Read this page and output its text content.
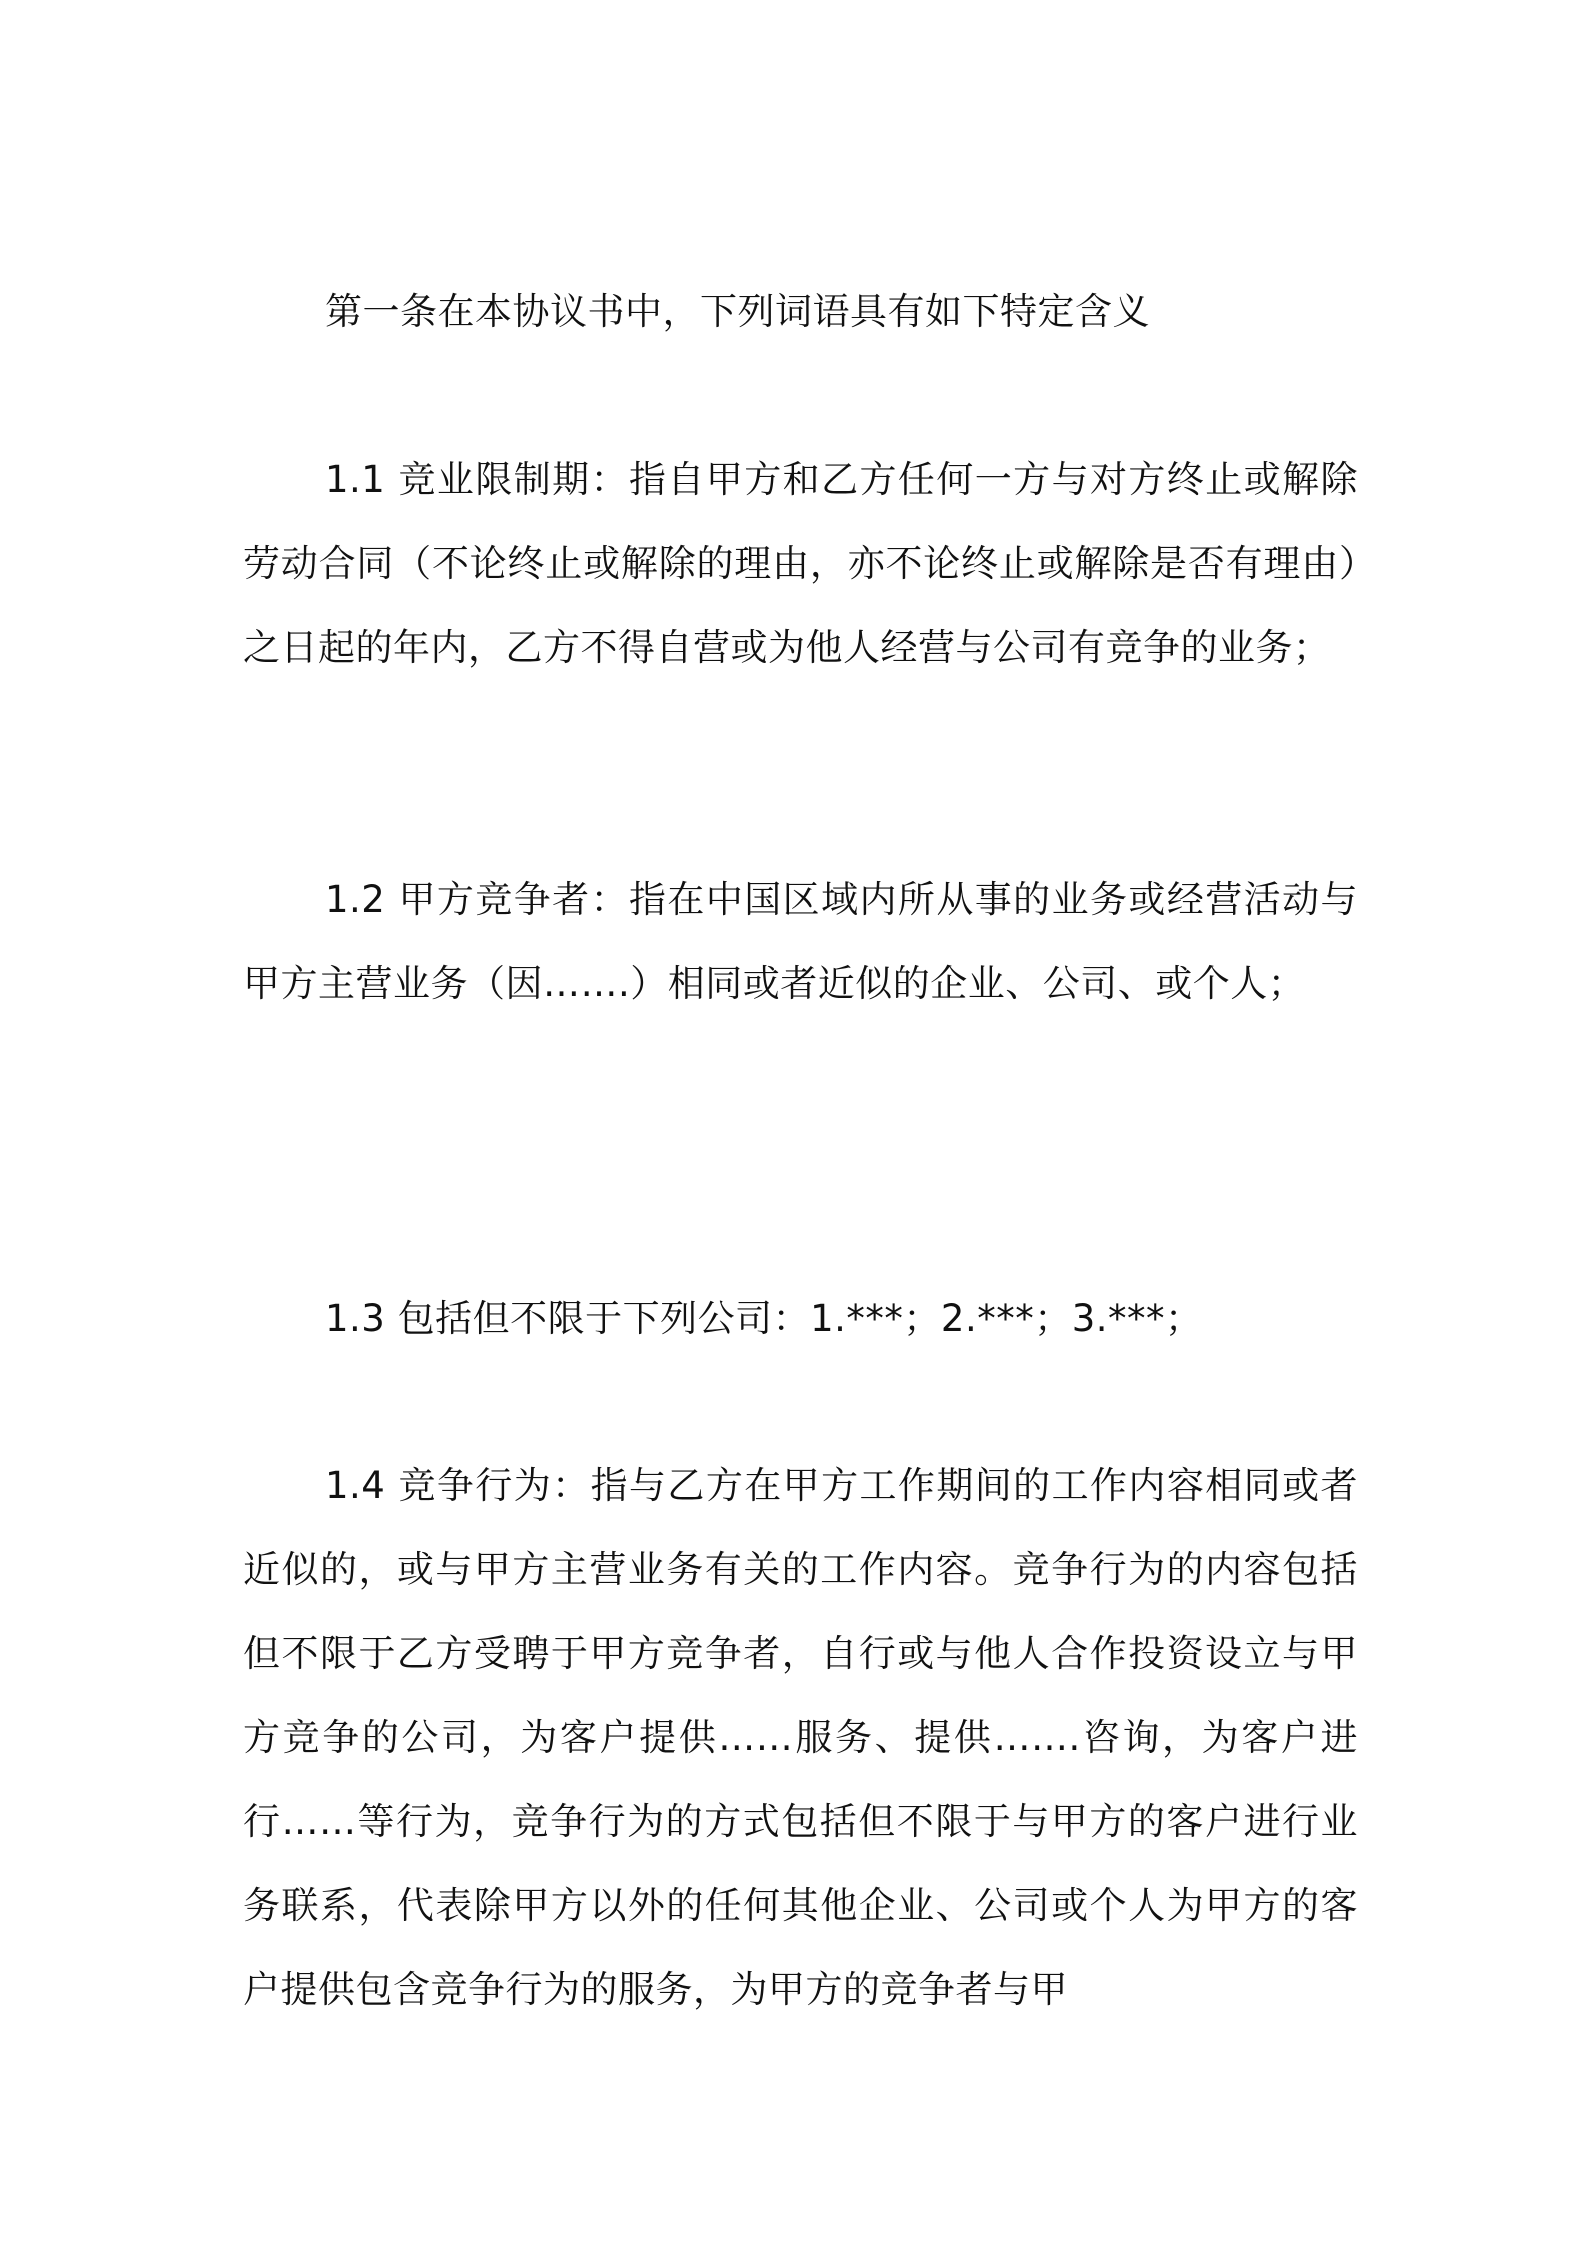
第一条在本协议书中，下列词语具有如下特定含义

1.1 竞业限制期：指自甲方和乙方任何一方与对方终止或解除劳动合同（不论终止或解除的理由，亦不论终止或解除是否有理由）之日起的年内，乙方不得自营或为他人经营与公司有竞争的业务；

1.2 甲方竞争者：指在中国区域内所从事的业务或经营活动与甲方主营业务（因…….）相同或者近似的企业、公司、或个人；

1.3 包括但不限于下列公司：1.***；2.***；3.***；

1.4 竞争行为：指与乙方在甲方工作期间的工作内容相同或者近似的，或与甲方主营业务有关的工作内容。竞争行为的内容包括但不限于乙方受聘于甲方竞争者，自行或与他人合作投资设立与甲方竞争的公司，为客户提供……服务、提供…….咨询，为客户进行……等行为，竞争行为的方式包括但不限于与甲方的客户进行业务联系，代表除甲方以外的任何其他企业、公司或个人为甲方的客户提供包含竞争行为的服务，为甲方的竞争者与甲
